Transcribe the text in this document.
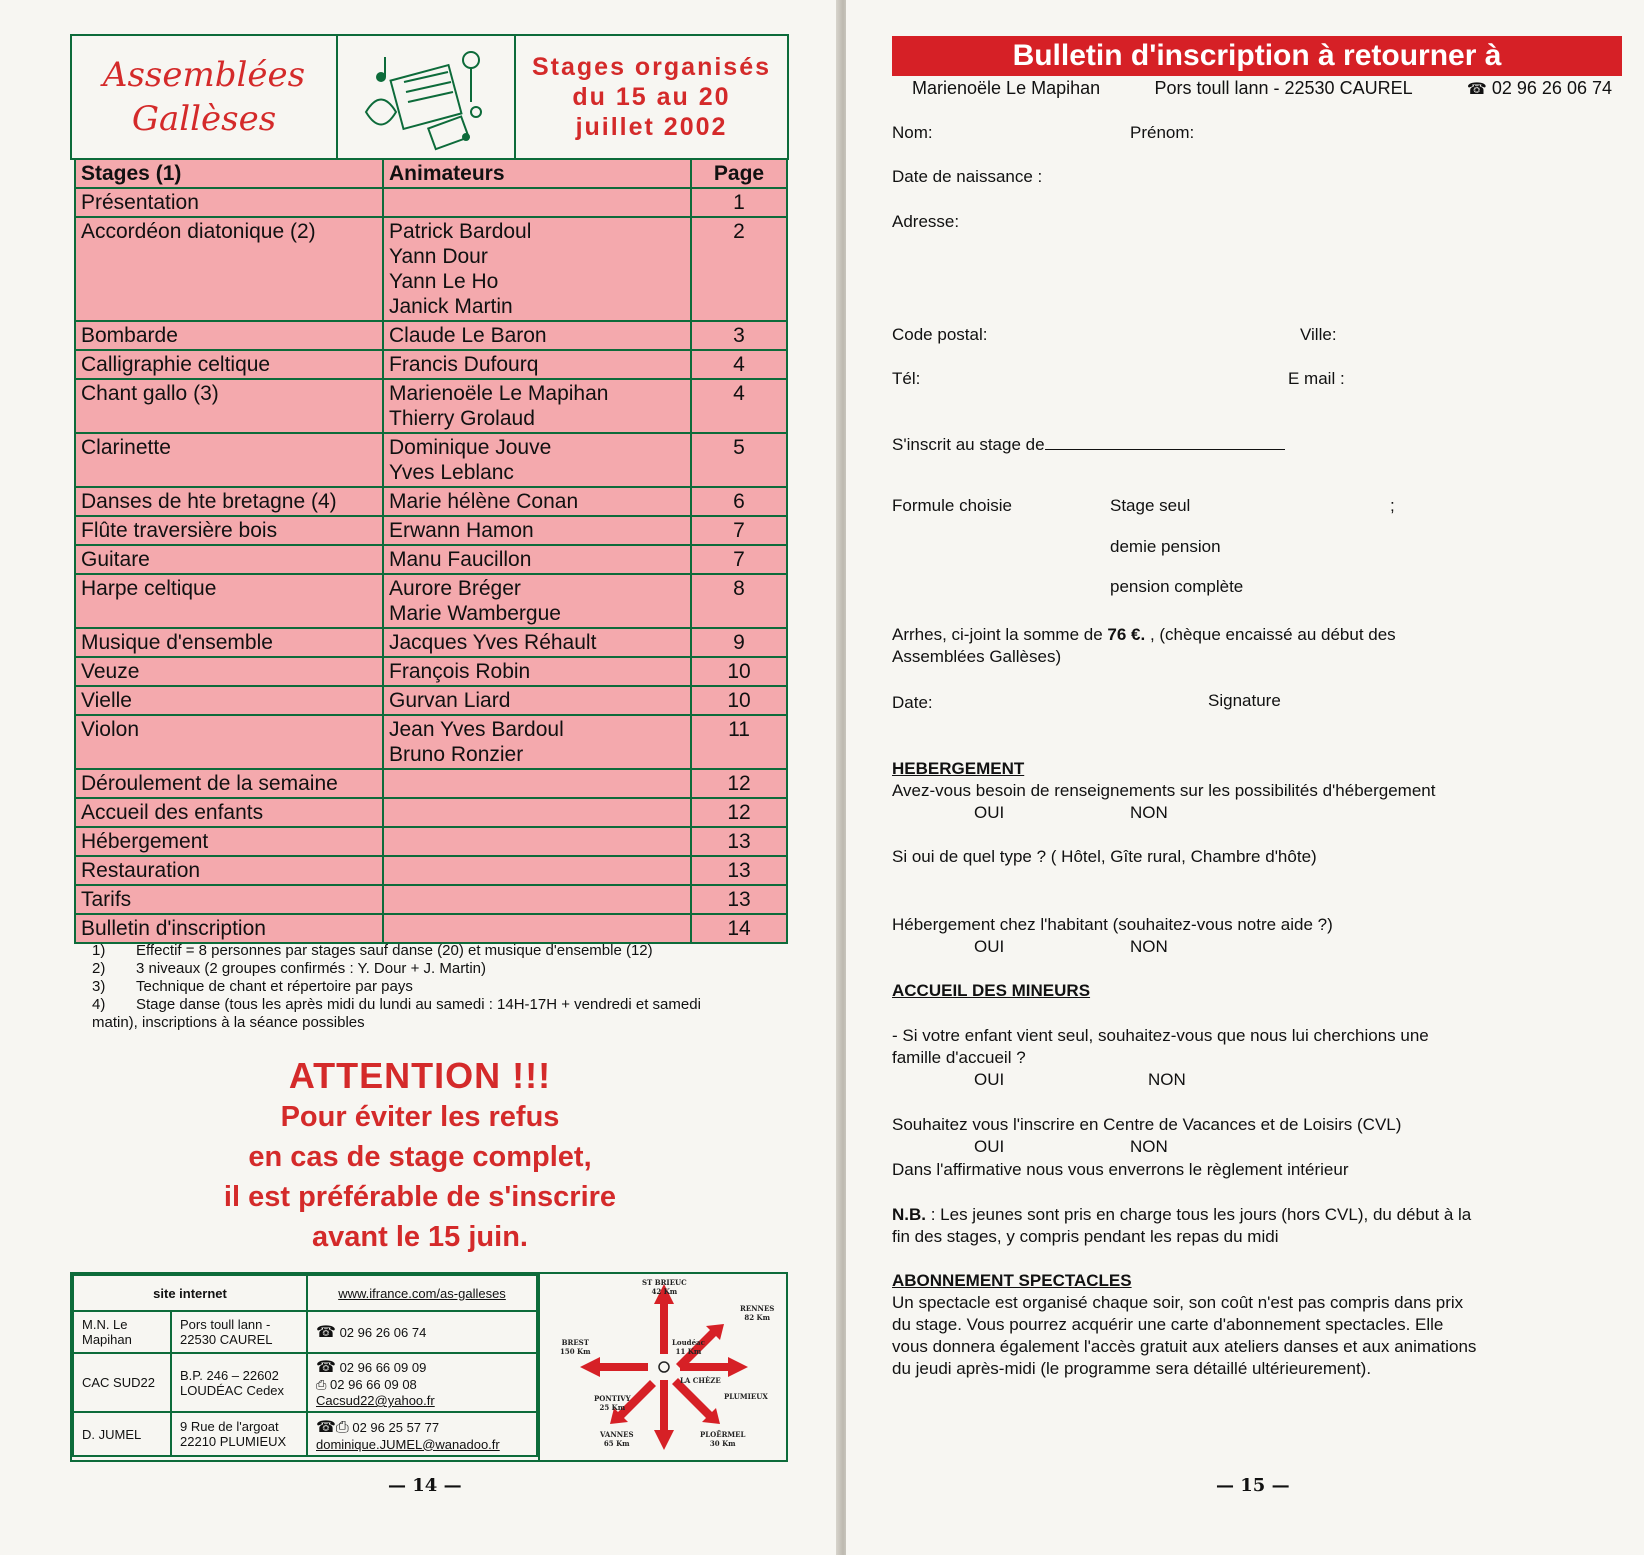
Assemblées
Gallèses
Stages organisés
du 15 au 20
juillet 2002
Stages (1)	Animateurs	Page
Présentation		1
Accordéon diatonique (2)	Patrick Bardoul
Yann Dour
Yann Le Ho
Janick Martin	2
Bombarde	Claude Le Baron	3
Calligraphie celtique	Francis Dufourq	4
Chant gallo (3)	Marienoële Le Mapihan
Thierry Grolaud	4
Clarinette	Dominique Jouve
Yves Leblanc	5
Danses de hte bretagne (4)	Marie hélène Conan	6
Flûte traversière bois	Erwann Hamon	7
Guitare	Manu Faucillon	7
Harpe celtique	Aurore Bréger
Marie Wambergue	8
Musique d'ensemble	Jacques Yves Réhault	9
Veuze	François Robin	10
Vielle	Gurvan Liard	10
Violon	Jean Yves Bardoul
Bruno Ronzier	11
Déroulement de la semaine		12
Accueil des enfants		12
Hébergement		13
Restauration		13
Tarifs		13
Bulletin d'inscription		14
1)	Effectif = 8 personnes par stages sauf danse (20) et musique d'ensemble (12)
2)	3 niveaux (2 groupes confirmés : Y. Dour + J. Martin)
3)	Technique de chant et répertoire par pays
4) Stage danse (tous les après midi du lundi au samedi : 14H-17H + vendredi et samedi matin), inscriptions à la séance possibles
ATTENTION !!!
Pour éviter les refus
en cas de stage complet,
il est préférable de s'inscrire
avant le 15 juin.
site internet		www.ifrance.com/as-galleses
M.N. Le Mapihan	Pors toull lann -
22530 CAUREL	☎ 02 96 26 06 74
CAC SUD22	B.P. 246 – 22602
LOUDÉAC Cedex	☎ 02 96 66 09 09
⎙ 02 96 66 09 08
Cacsud22@yahoo.fr
D. JUMEL	9 Rue de l'argoat
22210 PLUMIEUX	☎⎙ 02 96 25 57 77
dominique.JUMEL@wanadoo.fr
ST BRIEUC
42 Km
RENNES
82 Km
BREST
150 Km
Loudéac
11 Km
LA CHÈZE
PLUMIEUX
PONTIVY
25 Km
VANNES
65 Km
PLOËRMEL
30 Km
— 14 —
Bulletin d'inscription à retourner à
Marienoële Le Mapihan	Pors toull lann - 22530 CAUREL	☎ 02 96 26 06 74
Nom:	Prénom:
Date de naissance :
Adresse:
Code postal:	Ville:
Tél:	E mail :
S'inscrit au stage de
Formule choisie	Stage seul	;
demie pension
pension complète
Arrhes, ci-joint la somme de 76 €. , (chèque encaissé au début des
Assemblées Gallèses)
Date:	Signature
HEBERGEMENT
Avez-vous besoin de renseignements sur les possibilités d'hébergement
OUI	NON
Si oui de quel type ? ( Hôtel, Gîte rural, Chambre d'hôte)
Hébergement chez l'habitant (souhaitez-vous notre aide ?)
OUI	NON
ACCUEIL DES MINEURS
- Si votre enfant vient seul, souhaitez-vous que nous lui cherchions une
famille d'accueil ?
OUI	NON
Souhaitez vous l'inscrire en Centre de Vacances et de Loisirs (CVL)
OUI	NON
Dans l'affirmative nous vous enverrons le règlement intérieur
N.B. : Les jeunes sont pris en charge tous les jours (hors CVL), du début à la
fin des stages, y compris pendant les repas du midi
ABONNEMENT SPECTACLES
Un spectacle est organisé chaque soir, son coût n'est pas compris dans prix
du stage. Vous pourrez acquérir une carte d'abonnement spectacles. Elle
vous donnera également l'accès gratuit aux ateliers danses et aux animations
du jeudi après-midi (le programme sera détaillé ultérieurement).
— 15 —
